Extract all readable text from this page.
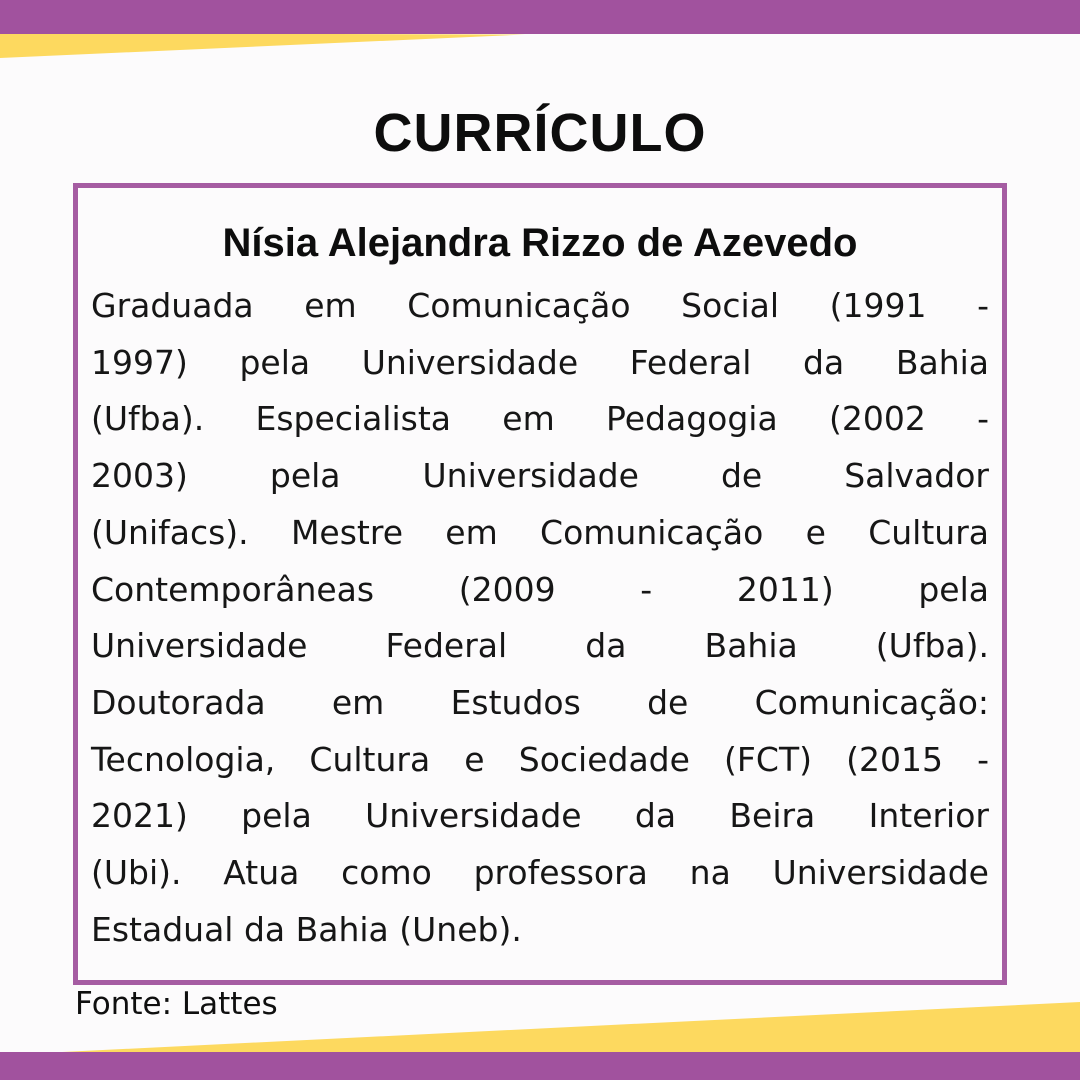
CURRÍCULO
Nísia Alejandra Rizzo de Azevedo
Graduada em Comunicação Social (1991 -
1997) pela Universidade Federal da Bahia
(Ufba). Especialista em Pedagogia (2002 -
2003) pela Universidade de Salvador
(Unifacs). Mestre em Comunicação e Cultura
Contemporâneas (2009 - 2011) pela
Universidade Federal da Bahia (Ufba).
Doutorada em Estudos de Comunicação:
Tecnologia, Cultura e Sociedade (FCT) (2015 -
2021) pela Universidade da Beira Interior
(Ubi). Atua como professora na Universidade
Estadual da Bahia (Uneb).

Fonte: Lattes
